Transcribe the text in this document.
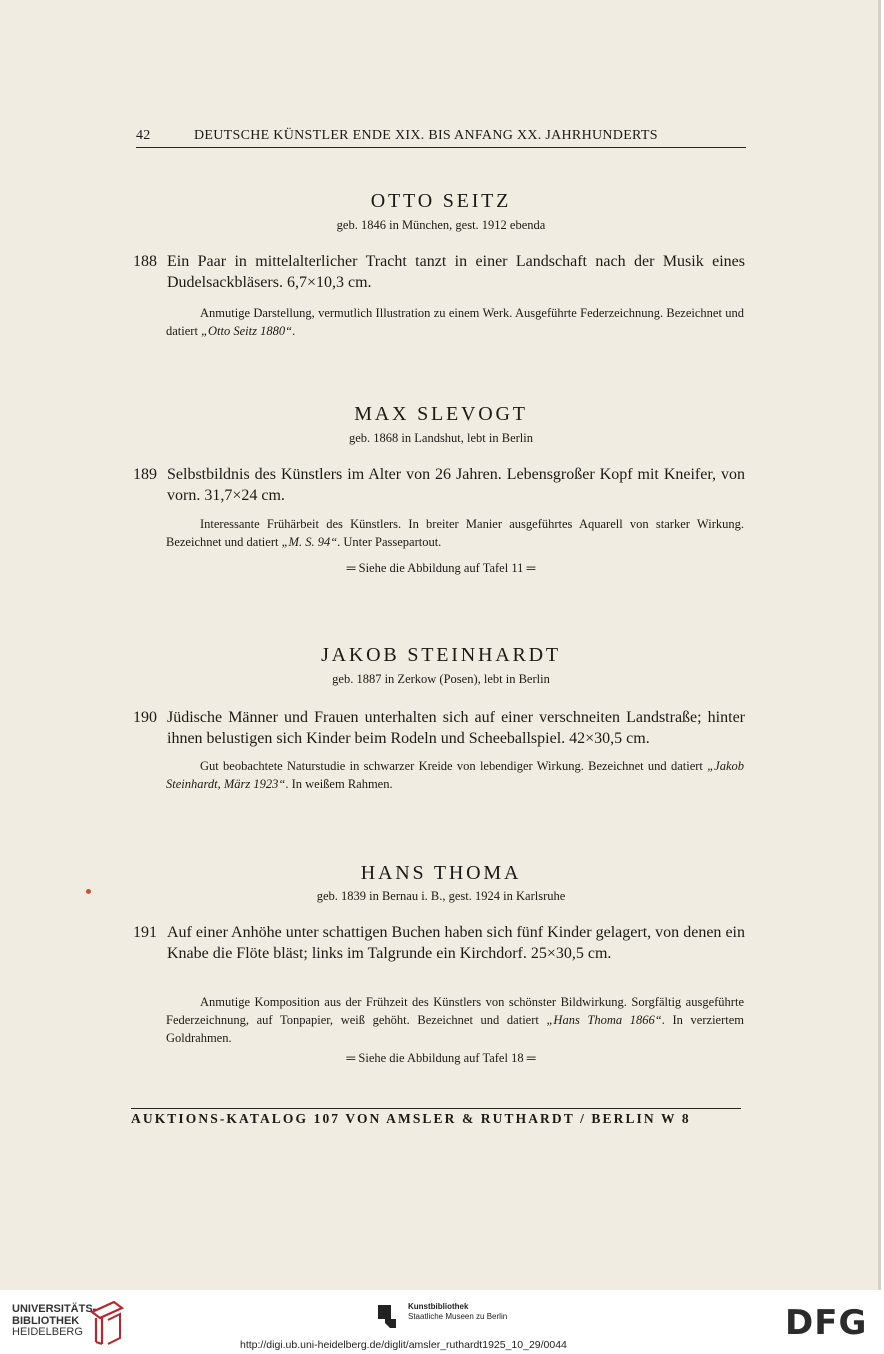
42	DEUTSCHE KÜNSTLER ENDE XIX. BIS ANFANG XX. JAHRHUNDERTS
OTTO SEITZ
geb. 1846 in München, gest. 1912 ebenda
188 Ein Paar in mittelalterlicher Tracht tanzt in einer Landschaft nach der Musik eines Dudelsackbläsers. 6,7×10,3 cm.
Anmutige Darstellung, vermutlich Illustration zu einem Werk. Ausgeführte Federzeichnung. Bezeichnet und datiert „Otto Seitz 1880“.
MAX SLEVOGT
geb. 1868 in Landshut, lebt in Berlin
189 Selbstbildnis des Künstlers im Alter von 26 Jahren. Lebensgroßer Kopf mit Kneifer, von vorn. 31,7×24 cm.
Interessante Frühärbeit des Künstlers. In breiter Manier ausgeführtes Aquarell von starker Wirkung. Bezeichnet und datiert „M. S. 94“. Unter Passepartout.
═ Siehe die Abbildung auf Tafel 11 ═
JAKOB STEINHARDT
geb. 1887 in Zerkow (Posen), lebt in Berlin
190 Jüdische Männer und Frauen unterhalten sich auf einer verschneiten Landstraße; hinter ihnen belustigen sich Kinder beim Rodeln und Scheeballspiel. 42×30,5 cm.
Gut beobachtete Naturstudie in schwarzer Kreide von lebendiger Wirkung. Bezeichnet und datiert „Jakob Steinhardt, März 1923“. In weißem Rahmen.
HANS THOMA
geb. 1839 in Bernau i. B., gest. 1924 in Karlsruhe
191 Auf einer Anhöhe unter schattigen Buchen haben sich fünf Kinder gelagert, von denen ein Knabe die Flöte bläst; links im Talgrunde ein Kirchdorf. 25×30,5 cm.
Anmutige Komposition aus der Frühzeit des Künstlers von schönster Bildwirkung. Sorgfältig ausgeführte Federzeichnung, auf Tonpapier, weiß gehöht. Bezeichnet und datiert „Hans Thoma 1866“. In verziertem Goldrahmen.
═ Siehe die Abbildung auf Tafel 18 ═
AUKTIONS-KATALOG 107 VON AMSLER & RUTHARDT / BERLIN W 8
UNIVERSITÄTS-
BIBLIOTHEK
HEIDELBERG
Kunstbibliothek
Staatliche Museen zu Berlin	DFG
http://digi.ub.uni-heidelberg.de/diglit/amsler_ruthardt1925_10_29/0044
